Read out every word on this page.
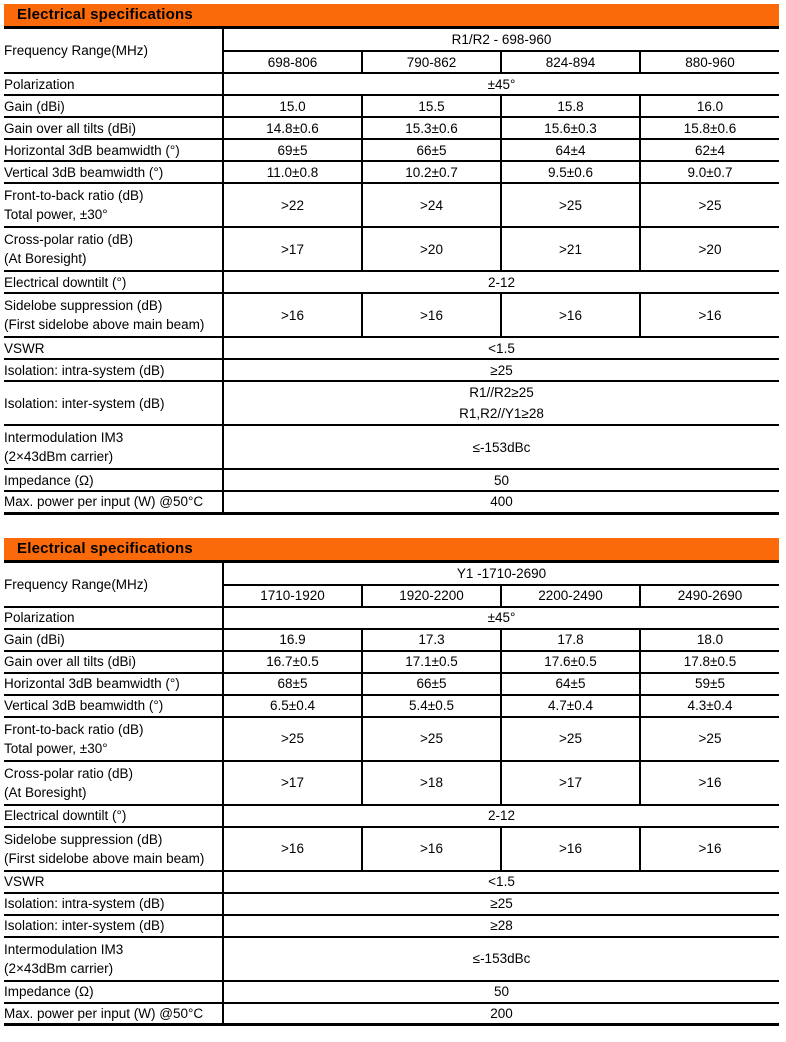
Electrical specifications
Frequency Range(MHz)	R1/R2 - 698-960			
	698-806	790-862	824-894	880-960

Polarization	±45°			

Gain (dBi)	15.0	15.5	15.8	16.0

Gain over all tilts (dBi)	14.8±0.6	15.3±0.6	15.6±0.3	15.8±0.6

Horizontal 3dB beamwidth (°)	69±5	66±5	64±4	62±4

Vertical 3dB beamwidth (°)	11.0±0.8	10.2±0.7	9.5±0.6	9.0±0.7

Front-to-back ratio (dB)
Total power, ±30°	>22	>24	>25	>25

Cross-polar ratio (dB)
(At Boresight)	>17	>20	>21	>20

Electrical downtilt (°)	2-12			

Sidelobe suppression (dB)
(First sidelobe above main beam)	>16	>16	>16	>16

VSWR	<1.5			

Isolation: intra-system (dB)	≥25			

Isolation: inter-system (dB)	R1//R2≥25
R1,R2//Y1≥28			

Intermodulation IM3
(2×43dBm carrier)	≤-153dBc			

Impedance (Ω)	50			

Max. power per input (W) @50°C	400			
Electrical specifications
Frequency Range(MHz)	Y1 -1710-2690			
	1710-1920	1920-2200	2200-2490	2490-2690

Polarization	±45°			

Gain (dBi)	16.9	17.3	17.8	18.0

Gain over all tilts (dBi)	16.7±0.5	17.1±0.5	17.6±0.5	17.8±0.5

Horizontal 3dB beamwidth (°)	68±5	66±5	64±5	59±5

Vertical 3dB beamwidth (°)	6.5±0.4	5.4±0.5	4.7±0.4	4.3±0.4

Front-to-back ratio (dB)
Total power, ±30°	>25	>25	>25	>25

Cross-polar ratio (dB)
(At Boresight)	>17	>18	>17	>16

Electrical downtilt (°)	2-12			

Sidelobe suppression (dB)
(First sidelobe above main beam)	>16	>16	>16	>16

VSWR	<1.5			

Isolation: intra-system (dB)	≥25			

Isolation: inter-system (dB)	≥28			

Intermodulation IM3
(2×43dBm carrier)	≤-153dBc			

Impedance (Ω)	50			

Max. power per input (W) @50°C	200			
